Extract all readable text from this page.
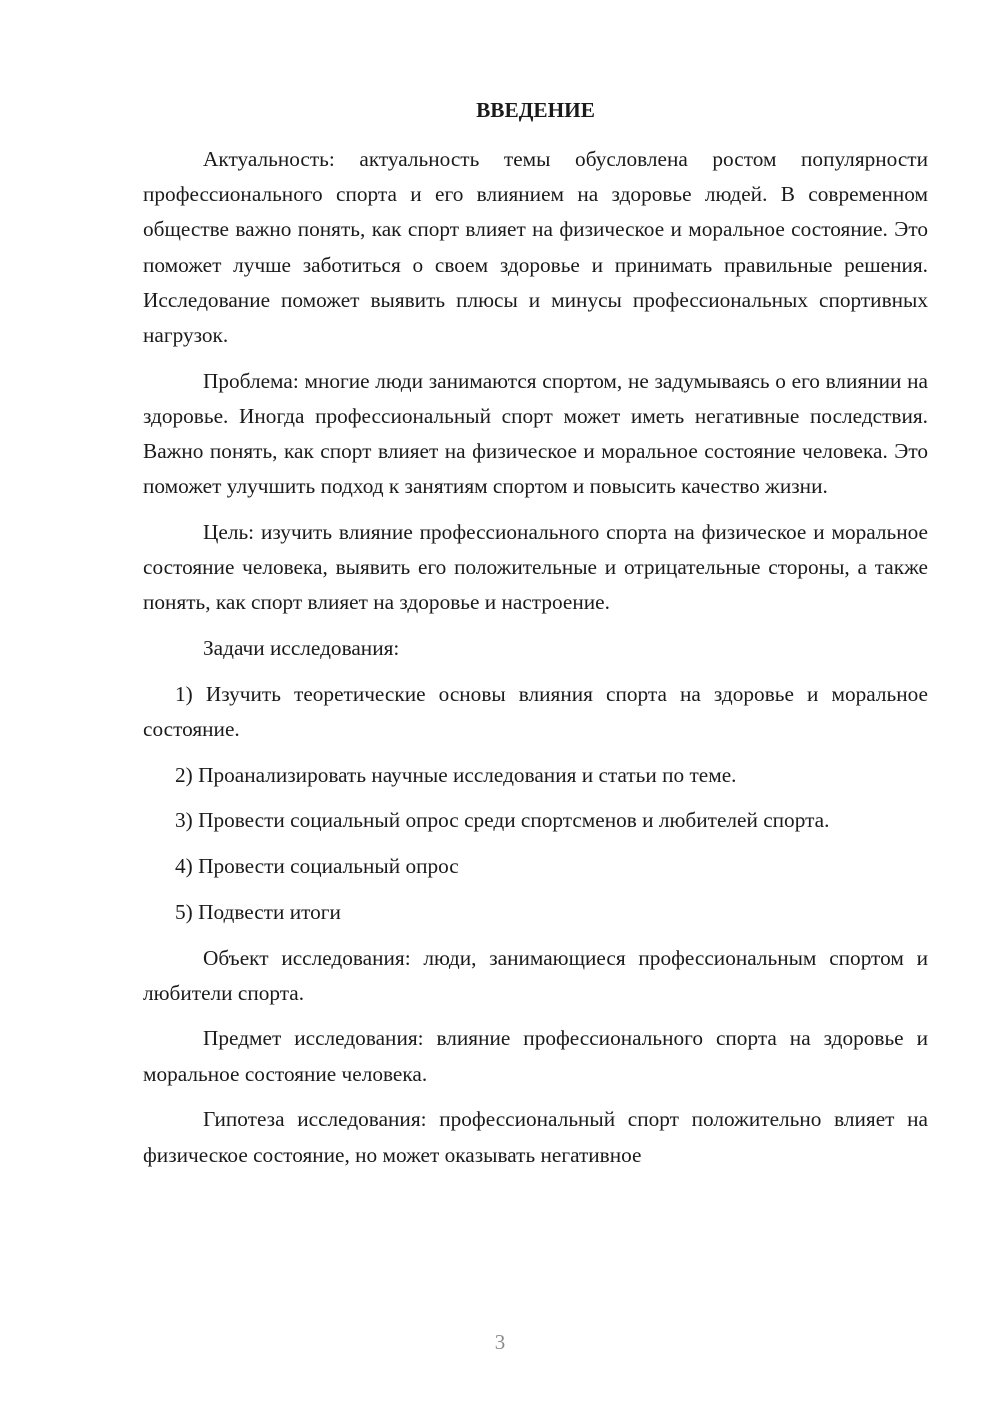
ВВЕДЕНИЕ

Актуальность: актуальность темы обусловлена ростом популярности профессионального спорта и его влиянием на здоровье людей. В современном обществе важно понять, как спорт влияет на физическое и моральное состояние. Это поможет лучше заботиться о своем здоровье и принимать правильные решения. Исследование поможет выявить плюсы и минусы профессиональных спортивных нагрузок.

Проблема: многие люди занимаются спортом, не задумываясь о его влиянии на здоровье. Иногда профессиональный спорт может иметь негативные последствия. Важно понять, как спорт влияет на физическое и моральное состояние человека. Это поможет улучшить подход к занятиям спортом и повысить качество жизни.

Цель: изучить влияние профессионального спорта на физическое и моральное состояние человека, выявить его положительные и отрицательные стороны, а также понять, как спорт влияет на здоровье и настроение.

Задачи исследования:

1) Изучить теоретические основы влияния спорта на здоровье и моральное состояние.

2) Проанализировать научные исследования и статьи по теме.

3) Провести социальный опрос среди спортсменов и любителей спорта.

4) Провести социальный опрос

5) Подвести итоги

Объект исследования: люди, занимающиеся профессиональным спортом и любители спорта.

Предмет исследования: влияние профессионального спорта на здоровье и моральное состояние человека.

Гипотеза исследования: профессиональный спорт положительно влияет на физическое состояние, но может оказывать негативное

3
